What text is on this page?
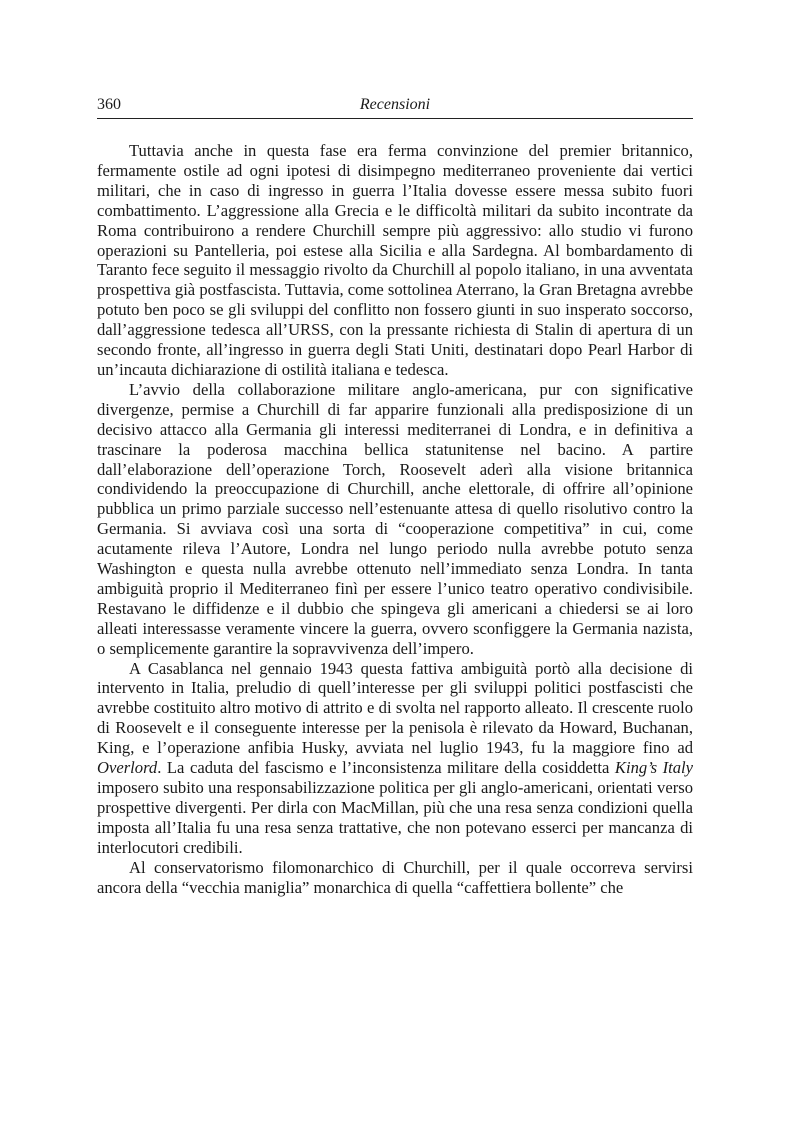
360	Recensioni

Tuttavia anche in questa fase era ferma convinzione del premier britannico, fermamente ostile ad ogni ipotesi di disimpegno mediterraneo proveniente dai vertici militari, che in caso di ingresso in guerra l’Italia dovesse essere messa subito fuori combattimento. L’aggressione alla Grecia e le difficoltà militari da subito incontrate da Roma contribuirono a rendere Churchill sempre più aggressivo: allo studio vi furono operazioni su Pantelleria, poi estese alla Sicilia e alla Sardegna. Al bombardamento di Taranto fece seguito il messaggio rivolto da Churchill al popolo italiano, in una avventata prospettiva già postfascista. Tuttavia, come sottolinea Aterrano, la Gran Bretagna avrebbe potuto ben poco se gli sviluppi del conflitto non fossero giunti in suo insperato soccorso, dall’aggressione tedesca all’URSS, con la pressante richiesta di Stalin di apertura di un secondo fronte, all’ingresso in guerra degli Stati Uniti, destinatari dopo Pearl Harbor di un’incauta dichiarazione di ostilità italiana e tedesca.

L’avvio della collaborazione militare anglo-americana, pur con significative divergenze, permise a Churchill di far apparire funzionali alla predisposizione di un decisivo attacco alla Germania gli interessi mediterranei di Londra, e in definitiva a trascinare la poderosa macchina bellica statunitense nel bacino. A partire dall’elaborazione dell’operazione Torch, Roosevelt aderì alla visione britannica condividendo la preoccupazione di Churchill, anche elettorale, di offrire all’opinione pubblica un primo parziale successo nell’estenuante attesa di quello risolutivo contro la Germania. Si avviava così una sorta di “cooperazione competitiva” in cui, come acutamente rileva l’Autore, Londra nel lungo periodo nulla avrebbe potuto senza Washington e questa nulla avrebbe ottenuto nell’immediato senza Londra. In tanta ambiguità proprio il Mediterraneo finì per essere l’unico teatro operativo condivisibile. Restavano le diffidenze e il dubbio che spingeva gli americani a chiedersi se ai loro alleati interessasse veramente vincere la guerra, ovvero sconfiggere la Germania nazista, o semplicemente garantire la sopravvivenza dell’impero.

A Casablanca nel gennaio 1943 questa fattiva ambiguità portò alla decisione di intervento in Italia, preludio di quell’interesse per gli sviluppi politici postfascisti che avrebbe costituito altro motivo di attrito e di svolta nel rapporto alleato. Il crescente ruolo di Roosevelt e il conseguente interesse per la penisola è rilevato da Howard, Buchanan, King, e l’operazione anfibia Husky, avviata nel luglio 1943, fu la maggiore fino ad Overlord. La caduta del fascismo e l’inconsistenza militare della cosiddetta King’s Italy imposero subito una responsabilizzazione politica per gli anglo-americani, orientati verso prospettive divergenti. Per dirla con MacMillan, più che una resa senza condizioni quella imposta all’Italia fu una resa senza trattative, che non potevano esserci per mancanza di interlocutori credibili.

Al conservatorismo filomonarchico di Churchill, per il quale occorreva servirsi ancora della “vecchia maniglia” monarchica di quella “caffettiera bollente” che
